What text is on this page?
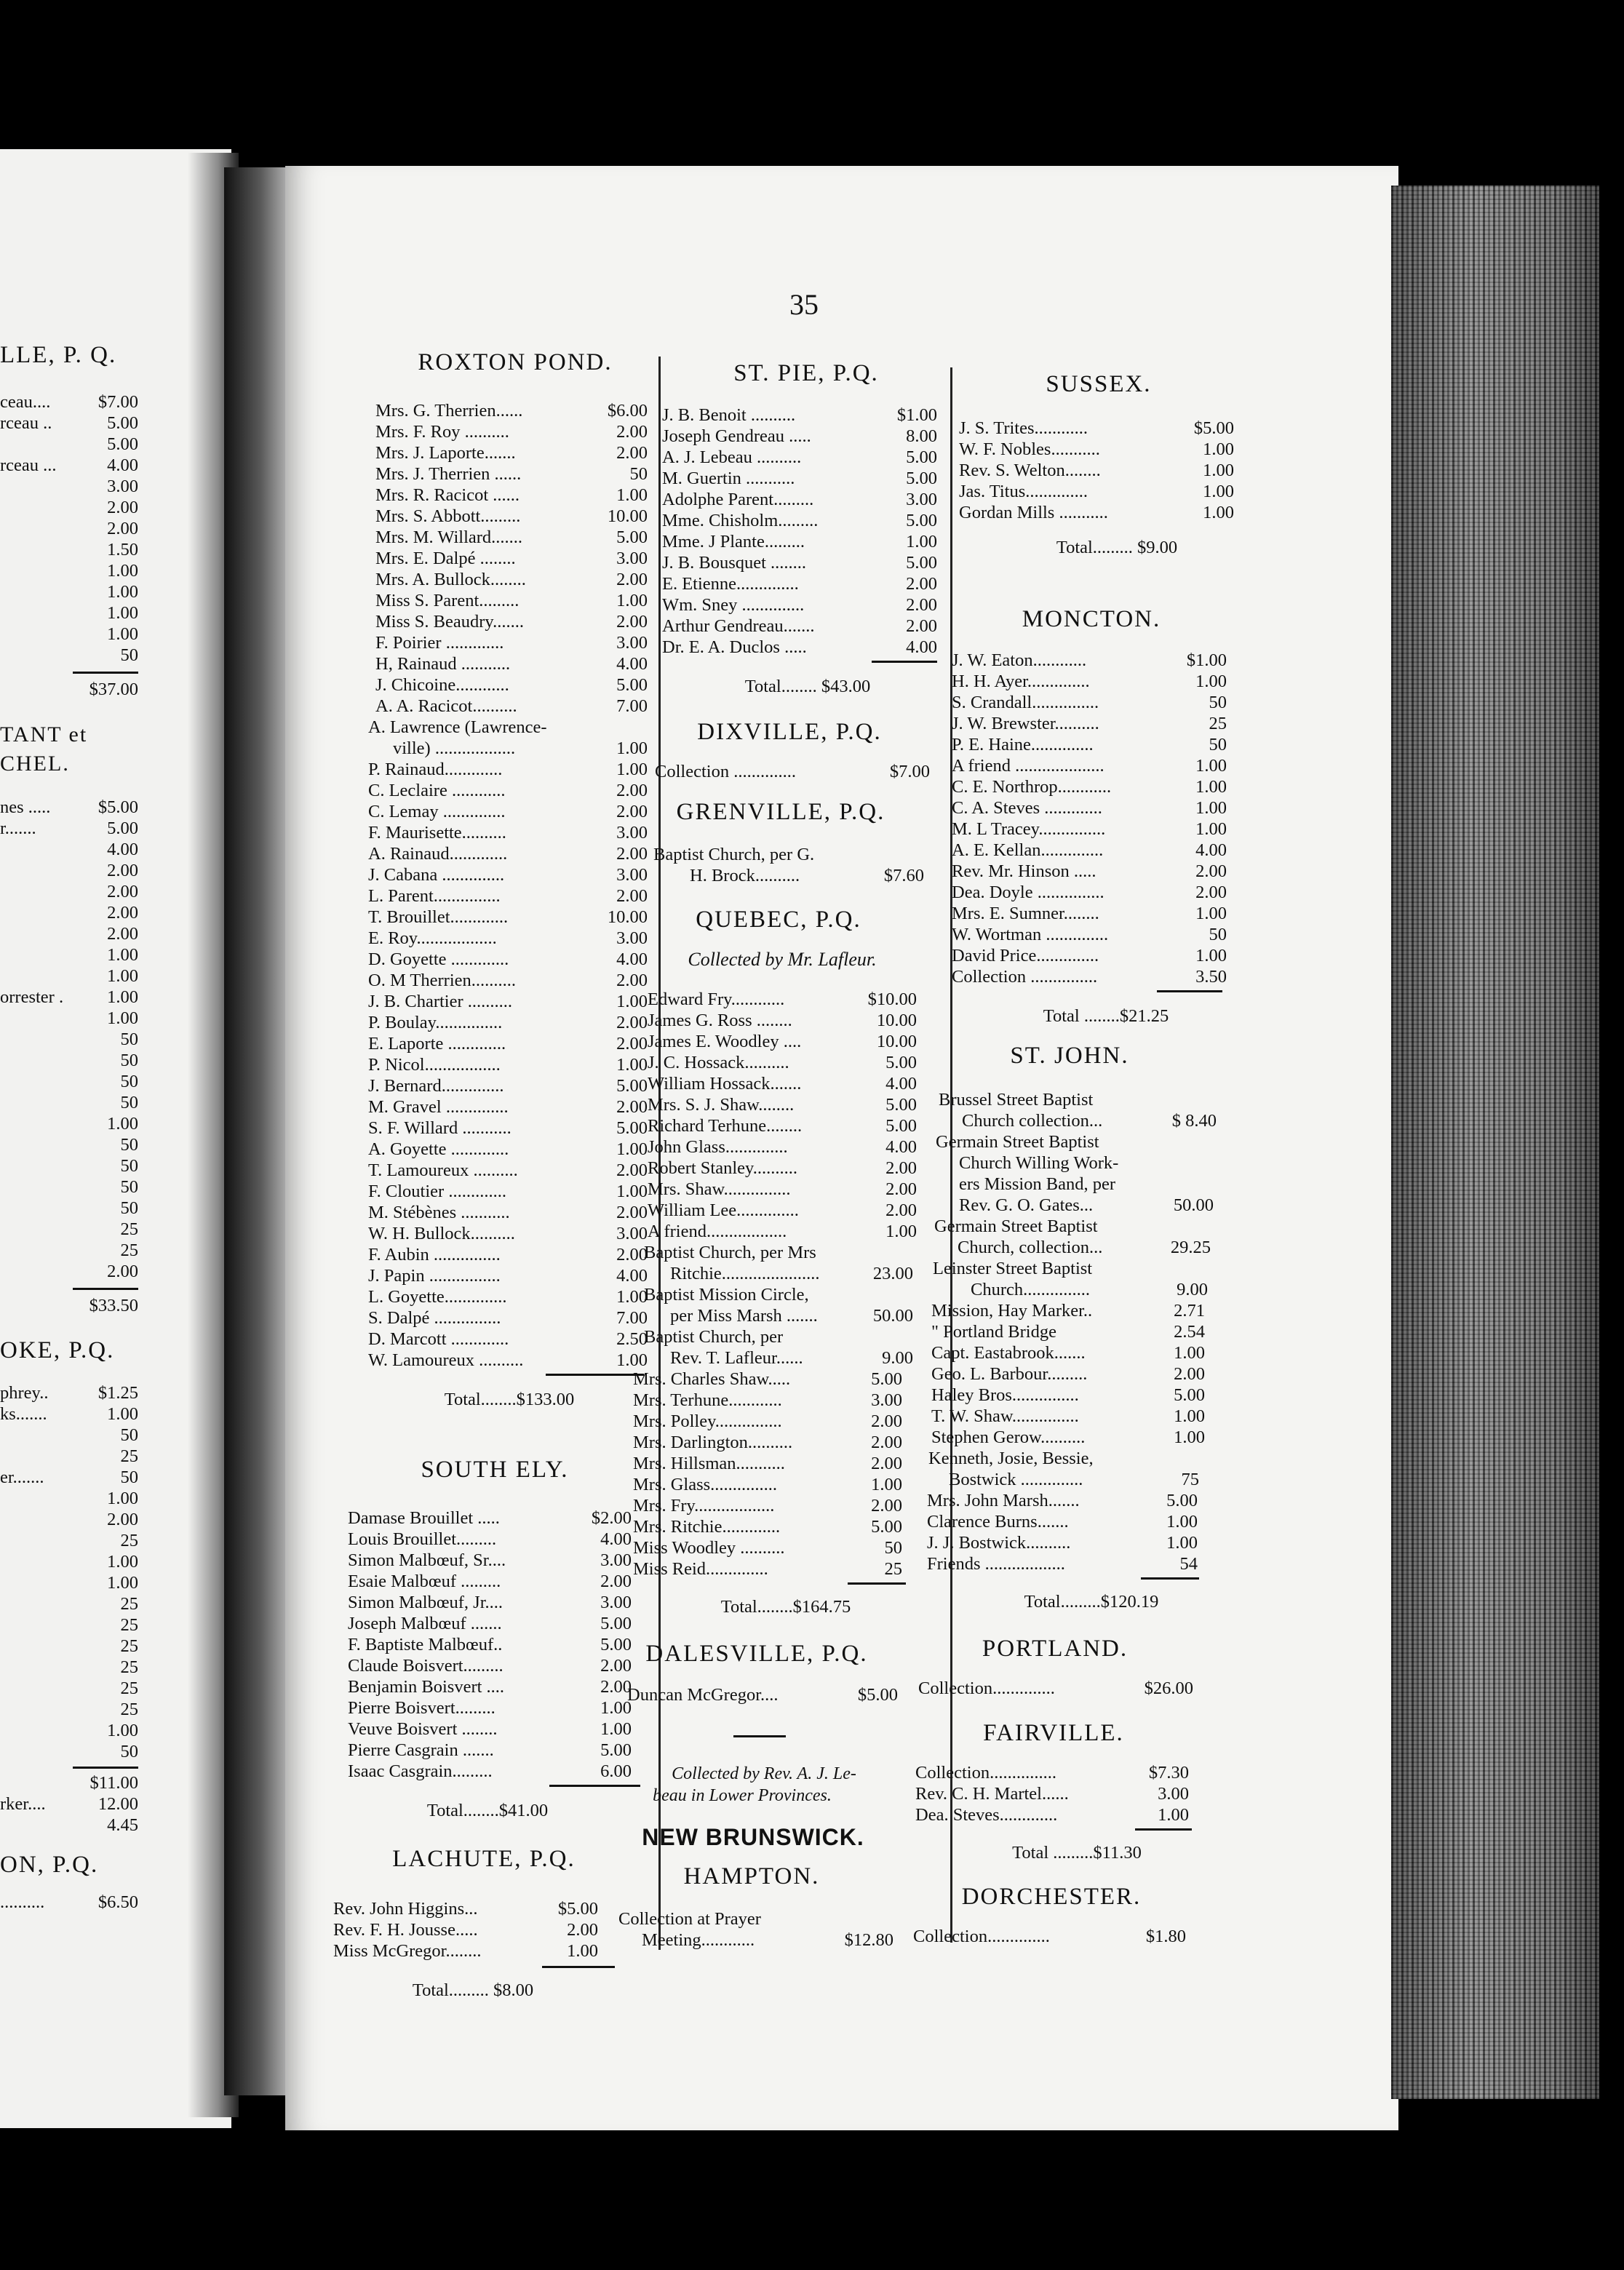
35
LLE, P. Q.
ceau....	$7.00
rceau ..	5.00
5.00
rceau ...	4.00
3.00
2.00
2.00
1.50
1.00
1.00
1.00
1.00
50
$37.00
TANT et
CHEL.
nes .....	$5.00
r.......	5.00
4.00
2.00
2.00
2.00
2.00
1.00
1.00
orrester . 1.00
1.00
50
50
50
50
1.00
50
50
50
50
25
25
2.00
$33.50
OKE, P.Q.
phrey..	$1.25
ks.......	1.00
50
25
er.......	50
1.00
2.00
25
1.00
1.00
25
25
25
25
25
25
1.00
50
$11.00
rker....	12.00
4.45
ON, P.Q.
..........	$6.50
ROXTON POND.
Mrs. G. Therrien......	$6.00
Mrs. F. Roy ..........	2.00
Mrs. J. Laporte.......	2.00
Mrs. J. Therrien ......	50
Mrs. R. Racicot ......	1.00
Mrs. S. Abbott.........	10.00
Mrs. M. Willard.......	5.00
Mrs. E. Dalpé ........	3.00
Mrs. A. Bullock........	2.00
Miss S. Parent.........	1.00
Miss S. Beaudry.......	2.00
F. Poirier .............	3.00
H, Rainaud ...........	4.00
J. Chicoine............	5.00
A. A. Racicot..........	7.00
A. Lawrence (Lawrence-
ville) ..................	1.00
P. Rainaud.............	1.00
C. Leclaire ............	2.00
C. Lemay ..............	2.00
F. Maurisette..........	3.00
A. Rainaud.............	2.00
J. Cabana ..............	3.00
L. Parent...............	2.00
T. Brouillet.............	10.00
E. Roy..................	3.00
D. Goyette .............	4.00
O. M Therrien..........	2.00
J. B. Chartier ..........	1.00
P. Boulay...............	2.00
E. Laporte .............	2.00
P. Nicol.................	1.00
J. Bernard..............	5.00
M. Gravel ..............	2.00
S. F. Willard ...........	5.00
A. Goyette .............	1.00
T. Lamoureux ..........	2.00
F. Cloutier .............	1.00
M. Stébènes ...........	2.00
W. H. Bullock..........	3.00
F. Aubin ...............	2.00
J. Papin ................	4.00
L. Goyette..............	1.00
S. Dalpé ...............	7.00
D. Marcott .............	2.50
W. Lamoureux ..........	1.00
Total........$133.00
SOUTH ELY.
Damase Brouillet .....	$2.00
Louis Brouillet.........	4.00
Simon Malbœuf, Sr....	3.00
Esaie Malbœuf .........	2.00
Simon Malbœuf, Jr....	3.00
Joseph Malbœuf .......	5.00
F. Baptiste Malbœuf..	5.00
Claude Boisvert.........	2.00
Benjamin Boisvert ....	2.00
Pierre Boisvert.........	1.00
Veuve Boisvert ........	1.00
Pierre Casgrain .......	5.00
Isaac Casgrain.........	6.00
Total........$41.00
LACHUTE, P.Q.
Rev. John Higgins...	$5.00
Rev. F. H. Jousse.....	2.00
Miss McGregor........	1.00
Total......... $8.00
ST. PIE, P.Q.
J. B. Benoit ..........	$1.00
Joseph Gendreau .....	8.00
A. J. Lebeau ..........	5.00
M. Guertin ...........	5.00
Adolphe Parent.........	3.00
Mme. Chisholm.........	5.00
Mme. J Plante.........	1.00
J. B. Bousquet ........	5.00
E. Etienne..............	2.00
Wm. Sney ..............	2.00
Arthur Gendreau.......	2.00
Dr. E. A. Duclos .....	4.00
Total........ $43.00
DIXVILLE, P.Q.
Collection ..............	$7.00
GRENVILLE, P.Q.
Baptist Church, per G.
H. Brock..........	$7.60
QUEBEC, P.Q.
Collected by Mr. Lafleur.
Edward Fry............	$10.00
James G. Ross ........	10.00
James E. Woodley ....	10.00
J. C. Hossack..........	5.00
William Hossack.......	4.00
Mrs. S. J. Shaw........	5.00
Richard Terhune........	5.00
John Glass..............	4.00
Robert Stanley..........	2.00
Mrs. Shaw...............	2.00
William Lee..............	2.00
A friend..................	1.00
Baptist Church, per Mrs
Ritchie......................	23.00
Baptist Mission Circle,
per Miss Marsh .......	50.00
Baptist Church, per
Rev. T. Lafleur......	9.00
Mrs. Charles Shaw.....	5.00
Mrs. Terhune............	3.00
Mrs. Polley...............	2.00
Mrs. Darlington..........	2.00
Mrs. Hillsman...........	2.00
Mrs. Glass...............	1.00
Mrs. Fry..................	2.00
Mrs. Ritchie.............	5.00
Miss Woodley ..........	50
Miss Reid..............	25
Total........$164.75
DALESVILLE, P.Q.
Duncan McGregor....	$5.00
Collected by Rev. A. J. Le-
beau in Lower Provinces.
NEW BRUNSWICK.
HAMPTON.
Collection at Prayer
Meeting............	$12.80
SUSSEX.
J. S. Trites............	$5.00
W. F. Nobles...........	1.00
Rev. S. Welton........	1.00
Jas. Titus..............	1.00
Gordan Mills ...........	1.00
Total......... $9.00
MONCTON.
J. W. Eaton............	$1.00
H. H. Ayer..............	1.00
S. Crandall...............	50
J. W. Brewster..........	25
P. E. Haine..............	50
A friend ....................	1.00
C. E. Northrop............	1.00
C. A. Steves .............	1.00
M. L Tracey...............	1.00
A. E. Kellan..............	4.00
Rev. Mr. Hinson .....	2.00
Dea. Doyle ...............	2.00
Mrs. E. Sumner........	1.00
W. Wortman ..............	50
David Price..............	1.00
Collection ...............	3.50
Total ........$21.25
ST. JOHN.
Brussel Street Baptist
Church collection...	$ 8.40
Germain Street Baptist
Church Willing Work-
ers Mission Band, per
Rev. G. O. Gates...	50.00
Germain Street Baptist
Church, collection...	29.25
Leinster Street Baptist
Church...............	9.00
Mission, Hay Marker..	2.71
" Portland Bridge	2.54
Capt. Eastabrook.......	1.00
Geo. L. Barbour.........	2.00
Haley Bros...............	5.00
T. W. Shaw...............	1.00
Stephen Gerow..........	1.00
Kenneth, Josie, Bessie,
Bostwick ..............	75
Mrs. John Marsh.......	5.00
Clarence Burns.......	1.00
J. J. Bostwick..........	1.00
Friends ..................	54
Total.........$120.19
PORTLAND.
Collection..............	$26.00
FAIRVILLE.
Collection...............	$7.30
Rev. C. H. Martel......	3.00
Dea. Steves.............	1.00
Total .........$11.30
DORCHESTER.
Collection..............	$1.80
